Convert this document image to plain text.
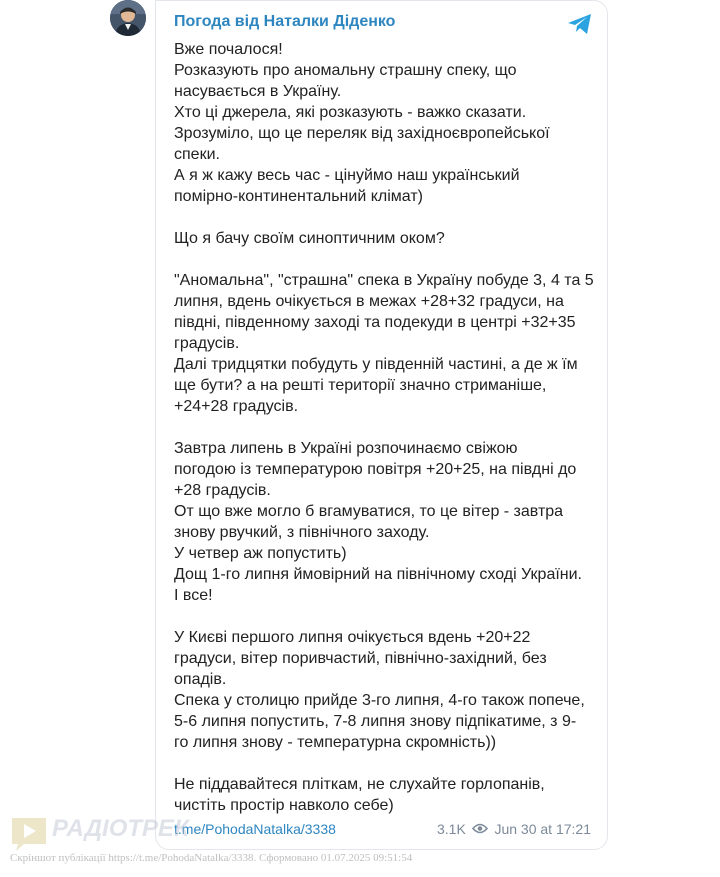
Погода від Наталки Діденко

Вже почалося!

Розказують про аномальну страшну спеку, що

насувається в Україну.

Хто ці джерела, які розказують - важко сказати.

Зрозуміло, що це переляк від західноєвропейської

спеки.

А я ж кажу весь час - цінуймо наш український

помірно-континентальний клімат)

Що я бачу своїм синоптичним оком?

"Аномальна", "страшна" спека в Україну побуде 3, 4 та 5

липня, вдень очікується в межах +28+32 градуси, на

півдні, південному заході та подекуди в центрі +32+35

градусів.

Далі тридцятки побудуть у південній частині, а де ж їм

ще бути? а на решті території значно стриманіше,

+24+28 градусів.

Завтра липень в Україні розпочинаємо свіжою

погодою із температурою повітря +20+25, на півдні до

+28 градусів.

От що вже могло б вгамуватися, то це вітер - завтра

знову рвучкий, з північного заходу.

У четвер аж попустить)

Дощ 1-го липня ймовірний на північному сході України.

І все!

У Києві першого липня очікується вдень +20+22

градуси, вітер поривчастий, північно-західний, без

опадів.

Спека у столицю прийде 3-го липня, 4-го також попече,

5-6 липня попустить, 7-8 липня знову підпікатиме, з 9-

го липня знову - температурна скромність))

Не піддавайтеся пліткам, не слухайте горлопанів,

чистіть простір навколо себе)

t.me/PohodaNatalka/3338	3.1K Jun 30 at 17:21
РАДІОТРЕК
Скріншот публікації https://t.me/PohodaNatalka/3338. Сформовано 01.07.2025 09:51:54
